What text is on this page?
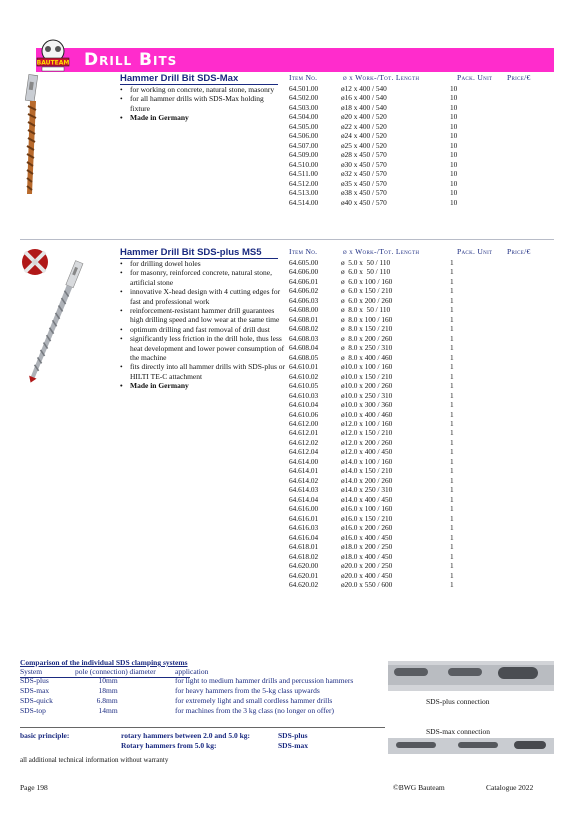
BAUTEAM Drill Bits
Hammer Drill Bit SDS-Max
• for working on concrete, natural stone, masonry
• for all hammer drills with SDS-Max holding fixture
• Made in Germany
Item No.	ø x Work-/Tot. Length	Pack. Unit Price/€
64.501.00	ø12 x 400 / 540	10
64.502.00	ø16 x 400 / 540	10
64.503.00	ø18 x 400 / 540	10
64.504.00	ø20 x 400 / 520	10
64.505.00	ø22 x 400 / 520	10
64.506.00	ø24 x 400 / 520	10
64.507.00	ø25 x 400 / 520	10
64.509.00	ø28 x 450 / 570	10
64.510.00	ø30 x 450 / 570	10
64.511.00	ø32 x 450 / 570	10
64.512.00	ø35 x 450 / 570	10
64.513.00	ø38 x 450 / 570	10
64.514.00	ø40 x 450 / 570	10
Hammer Drill Bit SDS-plus MS5
• for drilling dowel holes
• for masonry, reinforced concrete, natural stone, artificial stone
• innovative X-head design with 4 cutting edges for fast and professional work
• reinforcement-resistant hammer drill guarantees high drilling speed and low wear at the same time
• optimum drilling and fast removal of drill dust
• significantly less friction in the drill hole, thus less heat development and lower power consumption of the machine
• fits directly into all hammer drills with SDS-plus or HILTI TE-C attachment
• Made in Germany
Item No.	ø x Work-/Tot. Length	Pack. Unit Price/€
64.605.00	ø  5.0 x  50 / 110	1
64.606.00	ø  6.0 x  50 / 110	1
64.606.01	ø  6.0 x 100 / 160	1
64.606.02	ø  6.0 x 150 / 210	1
64.606.03	ø  6.0 x 200 / 260	1
64.608.00	ø  8.0 x  50 / 110	1
64.608.01	ø  8.0 x 100 / 160	1
64.608.02	ø  8.0 x 150 / 210	1
64.608.03	ø  8.0 x 200 / 260	1
64.608.04	ø  8.0 x 250 / 310	1
64.608.05	ø  8.0 x 400 / 460	1
64.610.01	ø10.0 x 100 / 160	1
64.610.02	ø10.0 x 150 / 210	1
64.610.05	ø10.0 x 200 / 260	1
64.610.03	ø10.0 x 250 / 310	1
64.610.04	ø10.0 x 300 / 360	1
64.610.06	ø10.0 x 400 / 460	1
64.612.00	ø12.0 x 100 / 160	1
64.612.01	ø12.0 x 150 / 210	1
64.612.02	ø12.0 x 200 / 260	1
64.612.04	ø12.0 x 400 / 450	1
64.614.00	ø14.0 x 100 / 160	1
64.614.01	ø14.0 x 150 / 210	1
64.614.02	ø14.0 x 200 / 260	1
64.614.03	ø14.0 x 250 / 310	1
64.614.04	ø14.0 x 400 / 450	1
64.616.00	ø16.0 x 100 / 160	1
64.616.01	ø16.0 x 150 / 210	1
64.616.03	ø16.0 x 200 / 260	1
64.616.04	ø16.0 x 400 / 450	1
64.618.01	ø18.0 x 200 / 250	1
64.618.02	ø18.0 x 400 / 450	1
64.620.00	ø20.0 x 200 / 250	1
64.620.01	ø20.0 x 400 / 450	1
64.620.02	ø20.0 x 550 / 600	1
Comparison of the individual SDS clamping systems
System	pole (connection) diameter	application
SDS-plus	10 mm	for light to medium hammer drills and percussion hammers
SDS-max	18 mm	for heavy hammers from the 5-kg class upwards
SDS-quick	6.8 mm	for extremely light and small cordless hammer drills
SDS-top	14 mm	for machines from the 3 kg class (no longer on offer)
SDS-plus connection
SDS-max connection
basic principle:	rotary hammers between 2.0 and 5.0 kg:	SDS-plus
Rotary hammers from 5.0 kg:	SDS-max
all additional technical information without warranty
Page 198	©BWG Bauteam	Catalogue 2022
